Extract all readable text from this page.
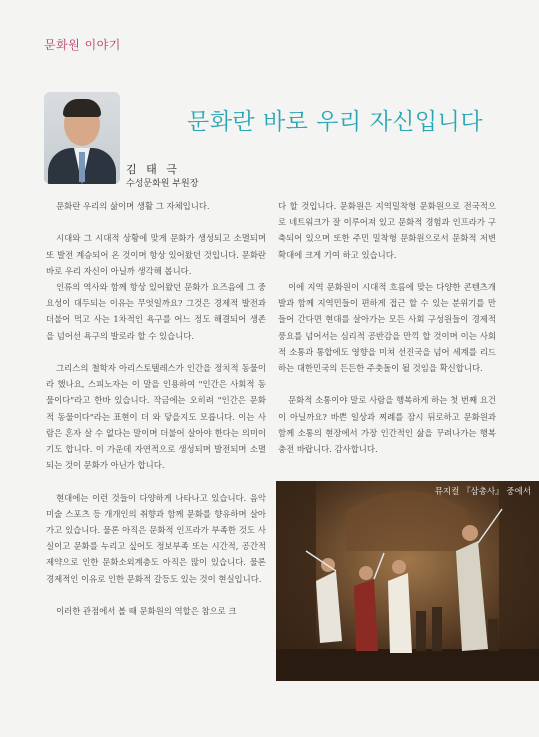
문화원 이야기
문화란 바로 우리 자신입니다
김 태 극
수성문화원 부원장

문화란 우리의 삶이며 생활 그 자체입니다.

시대와 그 시대적 상황에 맞게 문화가 생성되고 소멸되며 또 발전 계승되어 온 것이며 항상 있어왔던 것입니다. 문화란 바로 우리 자신이 아닐까 생각해 봅니다.

인류의 역사와 함께 항상 있어왔던 문화가 요즈음에 그 중요성이 대두되는 이유는 무엇일까요? 그것은 경제적 발전과 더불어 먹고 사는 1차적인 욕구를 어느 정도 해결되어 생존을 넘어선 욕구의 발로라 할 수 있습니다.

그리스의 철학자 아리스토텔레스가 인간을 정치적 동물이라 했나요, 스피노자는 이 말을 인용하여 "인간은 사회적 동물이다"라고 한바 있습니다. 작금에는 오히려 "인간은 문화적 동물이다"라는 표현이 더 와 닿을지도 모릅니다. 이는 사람은 혼자 살 수 없다는 말이며 더불어 살아야 한다는 의미이기도 합니다. 이 가운데 자연적으로 생성되며 발전되며 소멸되는 것이 문화가 아닌가 합니다.

현대에는 이런 것들이 다양하게 나타나고 있습니다. 음악 미술 스포츠 등 개개인의 취향과 함께 문화를 향유하며 살아가고 있습니다. 물론 아직은 문화적 인프라가 부족한 것도 사실이고 문화를 누리고 싶어도 정보부족 또는 시간적, 공간적 제약으로 인한 문화소외계층도 아직은 많이 있습니다. 물론 경제적인 이유로 인한 문화적 갈등도 있는 것이 현실입니다.

이러한 관점에서 볼 때 문화원의 역할은 참으로 크

다 할 것입니다. 문화원은 지역밀착형 문화원으로 전국적으로 네트워크가 잘 이루어져 있고 문화적 경험과 인프라가 구축되어 있으며 또한 주민 밀착형 문화원으로서 문화적 저변확대에 크게 기여 하고 있습니다.

이에 지역 문화원이 시대적 흐름에 맞는 다양한 콘텐츠개발과 함께 지역민들이 편하게 접근 할 수 있는 분위기를 만들어 간다면 현대를 살아가는 모든 사회 구성원들이 경제적 풍요를 넘어서는 심리적 공반감을 만끽 할 것이며 이는 사회적 소통과 통합에도 영향을 미쳐 선진국을 넘어 세계를 리드하는 대한민국의 든든한 주춧돌이 될 것임을 확신합니다.

문화적 소통이야 말로 사람을 행복하게 하는 첫 번째 요건이 아닐까요? 바쁜 일상과 찌례를 잠시 뒤로하고 문화원과 함께 소통의 현장에서 가장 인간적인 삶을 꾸려나가는 행복충전 바랍니다. 감사합니다.

뮤지컬 『삼총사』 중에서
